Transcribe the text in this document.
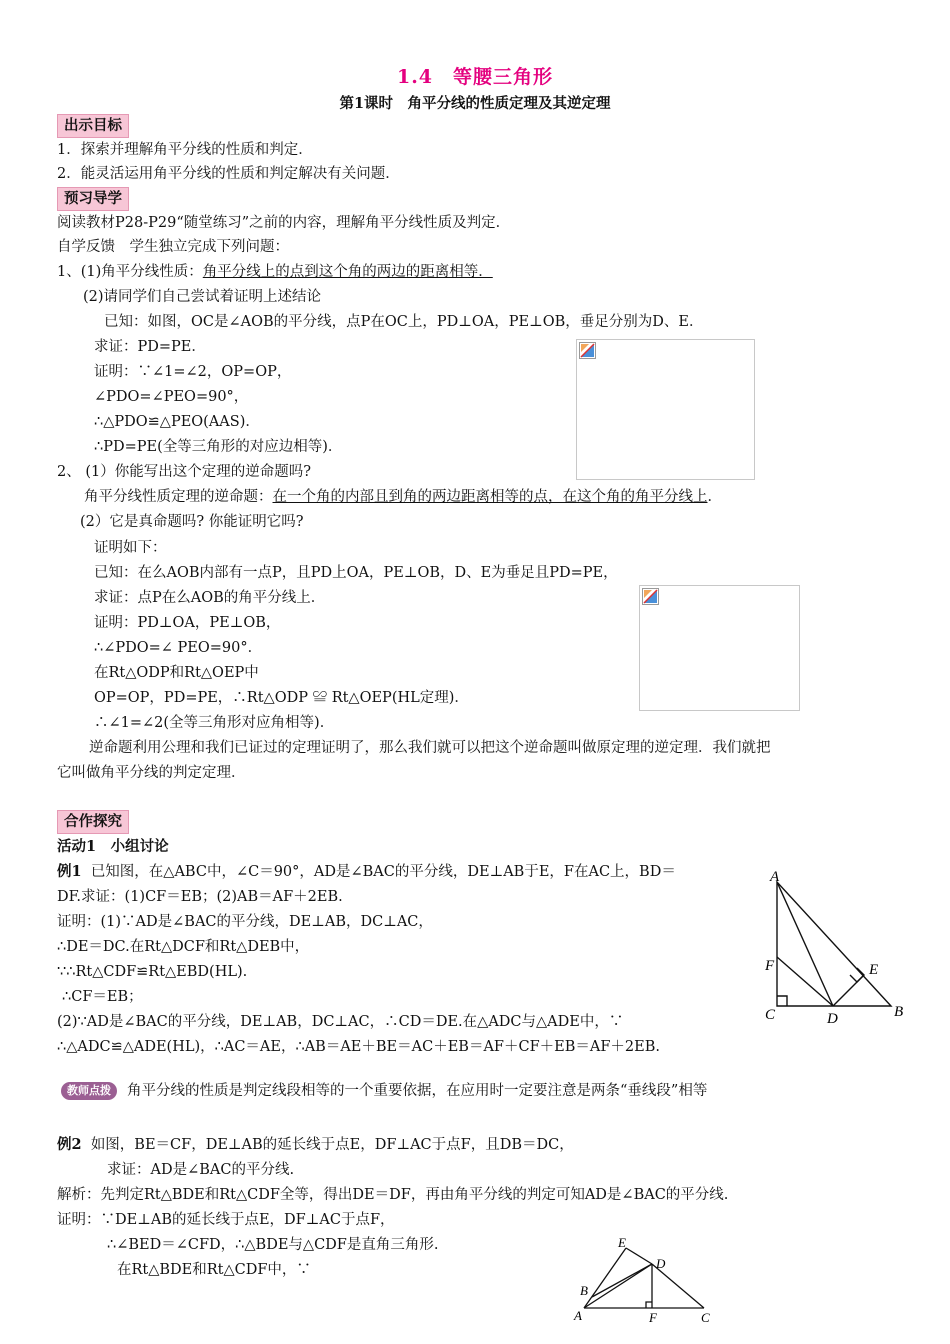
1.4　等腰三角形
第1课时　角平分线的性质定理及其逆定理
出示目标
1．探索并理解角平分线的性质和判定．
2．能灵活运用角平分线的性质和判定解决有关问题．
预习导学
阅读教材P28-P29“随堂练习”之前的内容，理解角平分线性质及判定．
自学反馈　学生独立完成下列问题：
1、(1)角平分线性质：角平分线上的点到这个角的两边的距离相等．
(2)请同学们自己尝试着证明上述结论
已知：如图，OC是∠AOB的平分线，点P在OC上，PD⊥OA，PE⊥OB，垂足分别为D、E．
求证：PD=PE．
证明：∵∠1=∠2，OP=OP，
∠PDO=∠PEO=90°，
∴△PDO≌△PEO(AAS)．
∴PD=PE(全等三角形的对应边相等)．
2、 (1）你能写出这个定理的逆命题吗?
角平分线性质定理的逆命题：在一个角的内部且到角的两边距离相等的点，在这个角的角平分线上．
(2）它是真命题吗? 你能证明它吗?
证明如下：
已知：在么AOB内部有一点P，且PD上OA，PE⊥OB，D、E为垂足且PD=PE，
求证：点P在么AOB的角平分线上．
证明：PD⊥OA，PE⊥OB，
∴∠PDO=∠ PEO=90°．
在Rt△ODP和Rt△OEP中
OP=OP，PD=PE，∴Rt△ODP ≌ Rt△OEP(HL定理)．
∴∠1=∠2(全等三角形对应角相等)．
逆命题利用公理和我们已证过的定理证明了，那么我们就可以把这个逆命题叫做原定理的逆定理．我们就把
它叫做角平分线的判定定理．
合作探究
活动1　小组讨论
例1 已知图，在△ABC中，∠C＝90°，AD是∠BAC的平分线，DE⊥AB于E，F在AC上，BD＝
DF.求证：(1)CF＝EB；(2)AB＝AF＋2EB.
证明：(1)∵AD是∠BAC的平分线，DE⊥AB，DC⊥AC，
∴DE＝DC.在Rt△DCF和Rt△DEB中，
∵∴Rt△CDF≌Rt△EBD(HL).
∴CF＝EB；
(2)∵AD是∠BAC的平分线，DE⊥AB，DC⊥AC，∴CD＝DE.在△ADC与△ADE中，∵
∴△ADC≌△ADE(HL)，∴AC＝AE，∴AB＝AE＋BE＝AC＋EB＝AF＋CF＋EB＝AF＋2EB.
A
F	E
C	D	B
教师点拨	角平分线的性质是判定线段相等的一个重要依据，在应用时一定要注意是两条“垂线段”相等
例2 如图，BE＝CF，DE⊥AB的延长线于点E，DF⊥AC于点F，且DB＝DC，
求证：AD是∠BAC的平分线.
解析：先判定Rt△BDE和Rt△CDF全等，得出DE＝DF，再由角平分线的判定可知AD是∠BAC的平分线.
证明：∵DE⊥AB的延长线于点E，DF⊥AC于点F，
∴∠BED＝∠CFD，∴△BDE与△CDF是直角三角形.
在Rt△BDE和Rt△CDF中，∵
E
D
B
A	F	C
